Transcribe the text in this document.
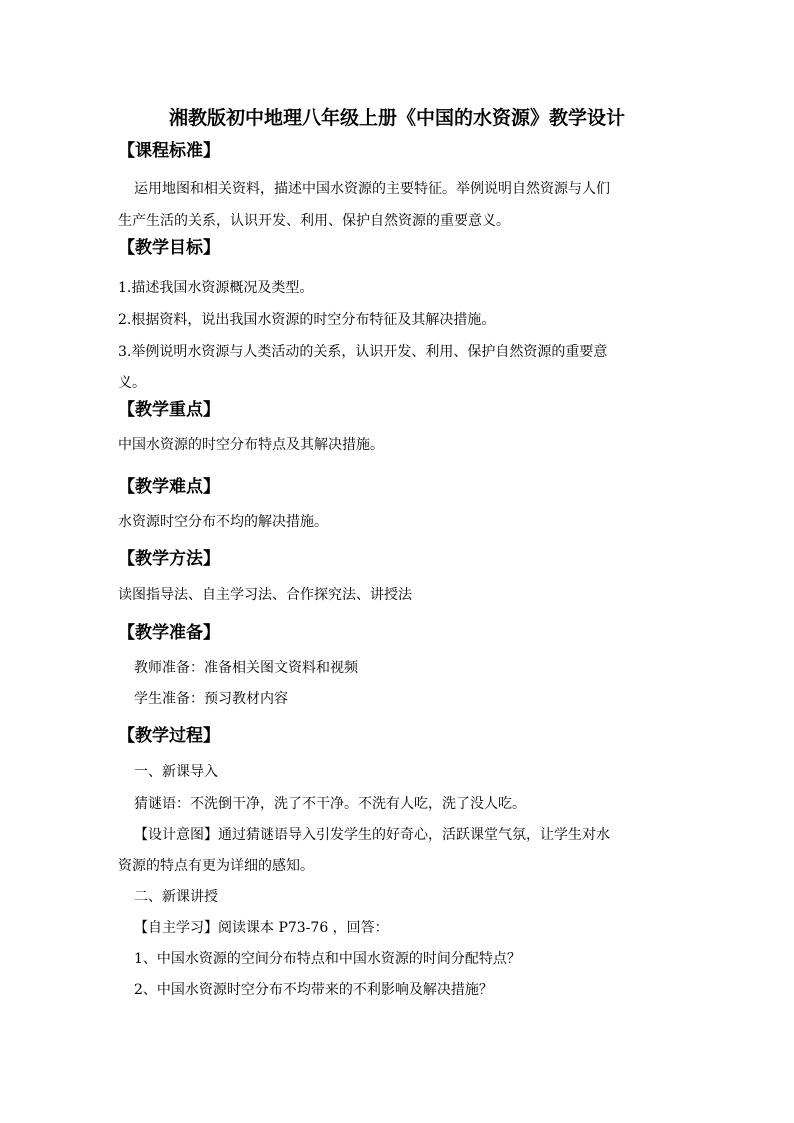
湘教版初中地理八年级上册《中国的水资源》教学设计
【课程标准】
运用地图和相关资料，描述中国水资源的主要特征。举例说明自然资源与人们
生产生活的关系，认识开发、利用、保护自然资源的重要意义。
【教学目标】
1.描述我国水资源概况及类型。
2.根据资料，说出我国水资源的时空分布特征及其解决措施。
3.举例说明水资源与人类活动的关系，认识开发、利用、保护自然资源的重要意
义。
【教学重点】
中国水资源的时空分布特点及其解决措施。
【教学难点】
水资源时空分布不均的解决措施。
【教学方法】
读图指导法、自主学习法、合作探究法、讲授法
【教学准备】
教师准备：准备相关图文资料和视频
学生准备：预习教材内容
【教学过程】
一、新课导入
猜谜语：不洗倒干净，洗了不干净。不洗有人吃，洗了没人吃。
【设计意图】通过猜谜语导入引发学生的好奇心，活跃课堂气氛，让学生对水
资源的特点有更为详细的感知。
二、新课讲授
【自主学习】阅读课本 P73-76 ，回答：
1、中国水资源的空间分布特点和中国水资源的时间分配特点？
2、中国水资源时空分布不均带来的不利影响及解决措施？
